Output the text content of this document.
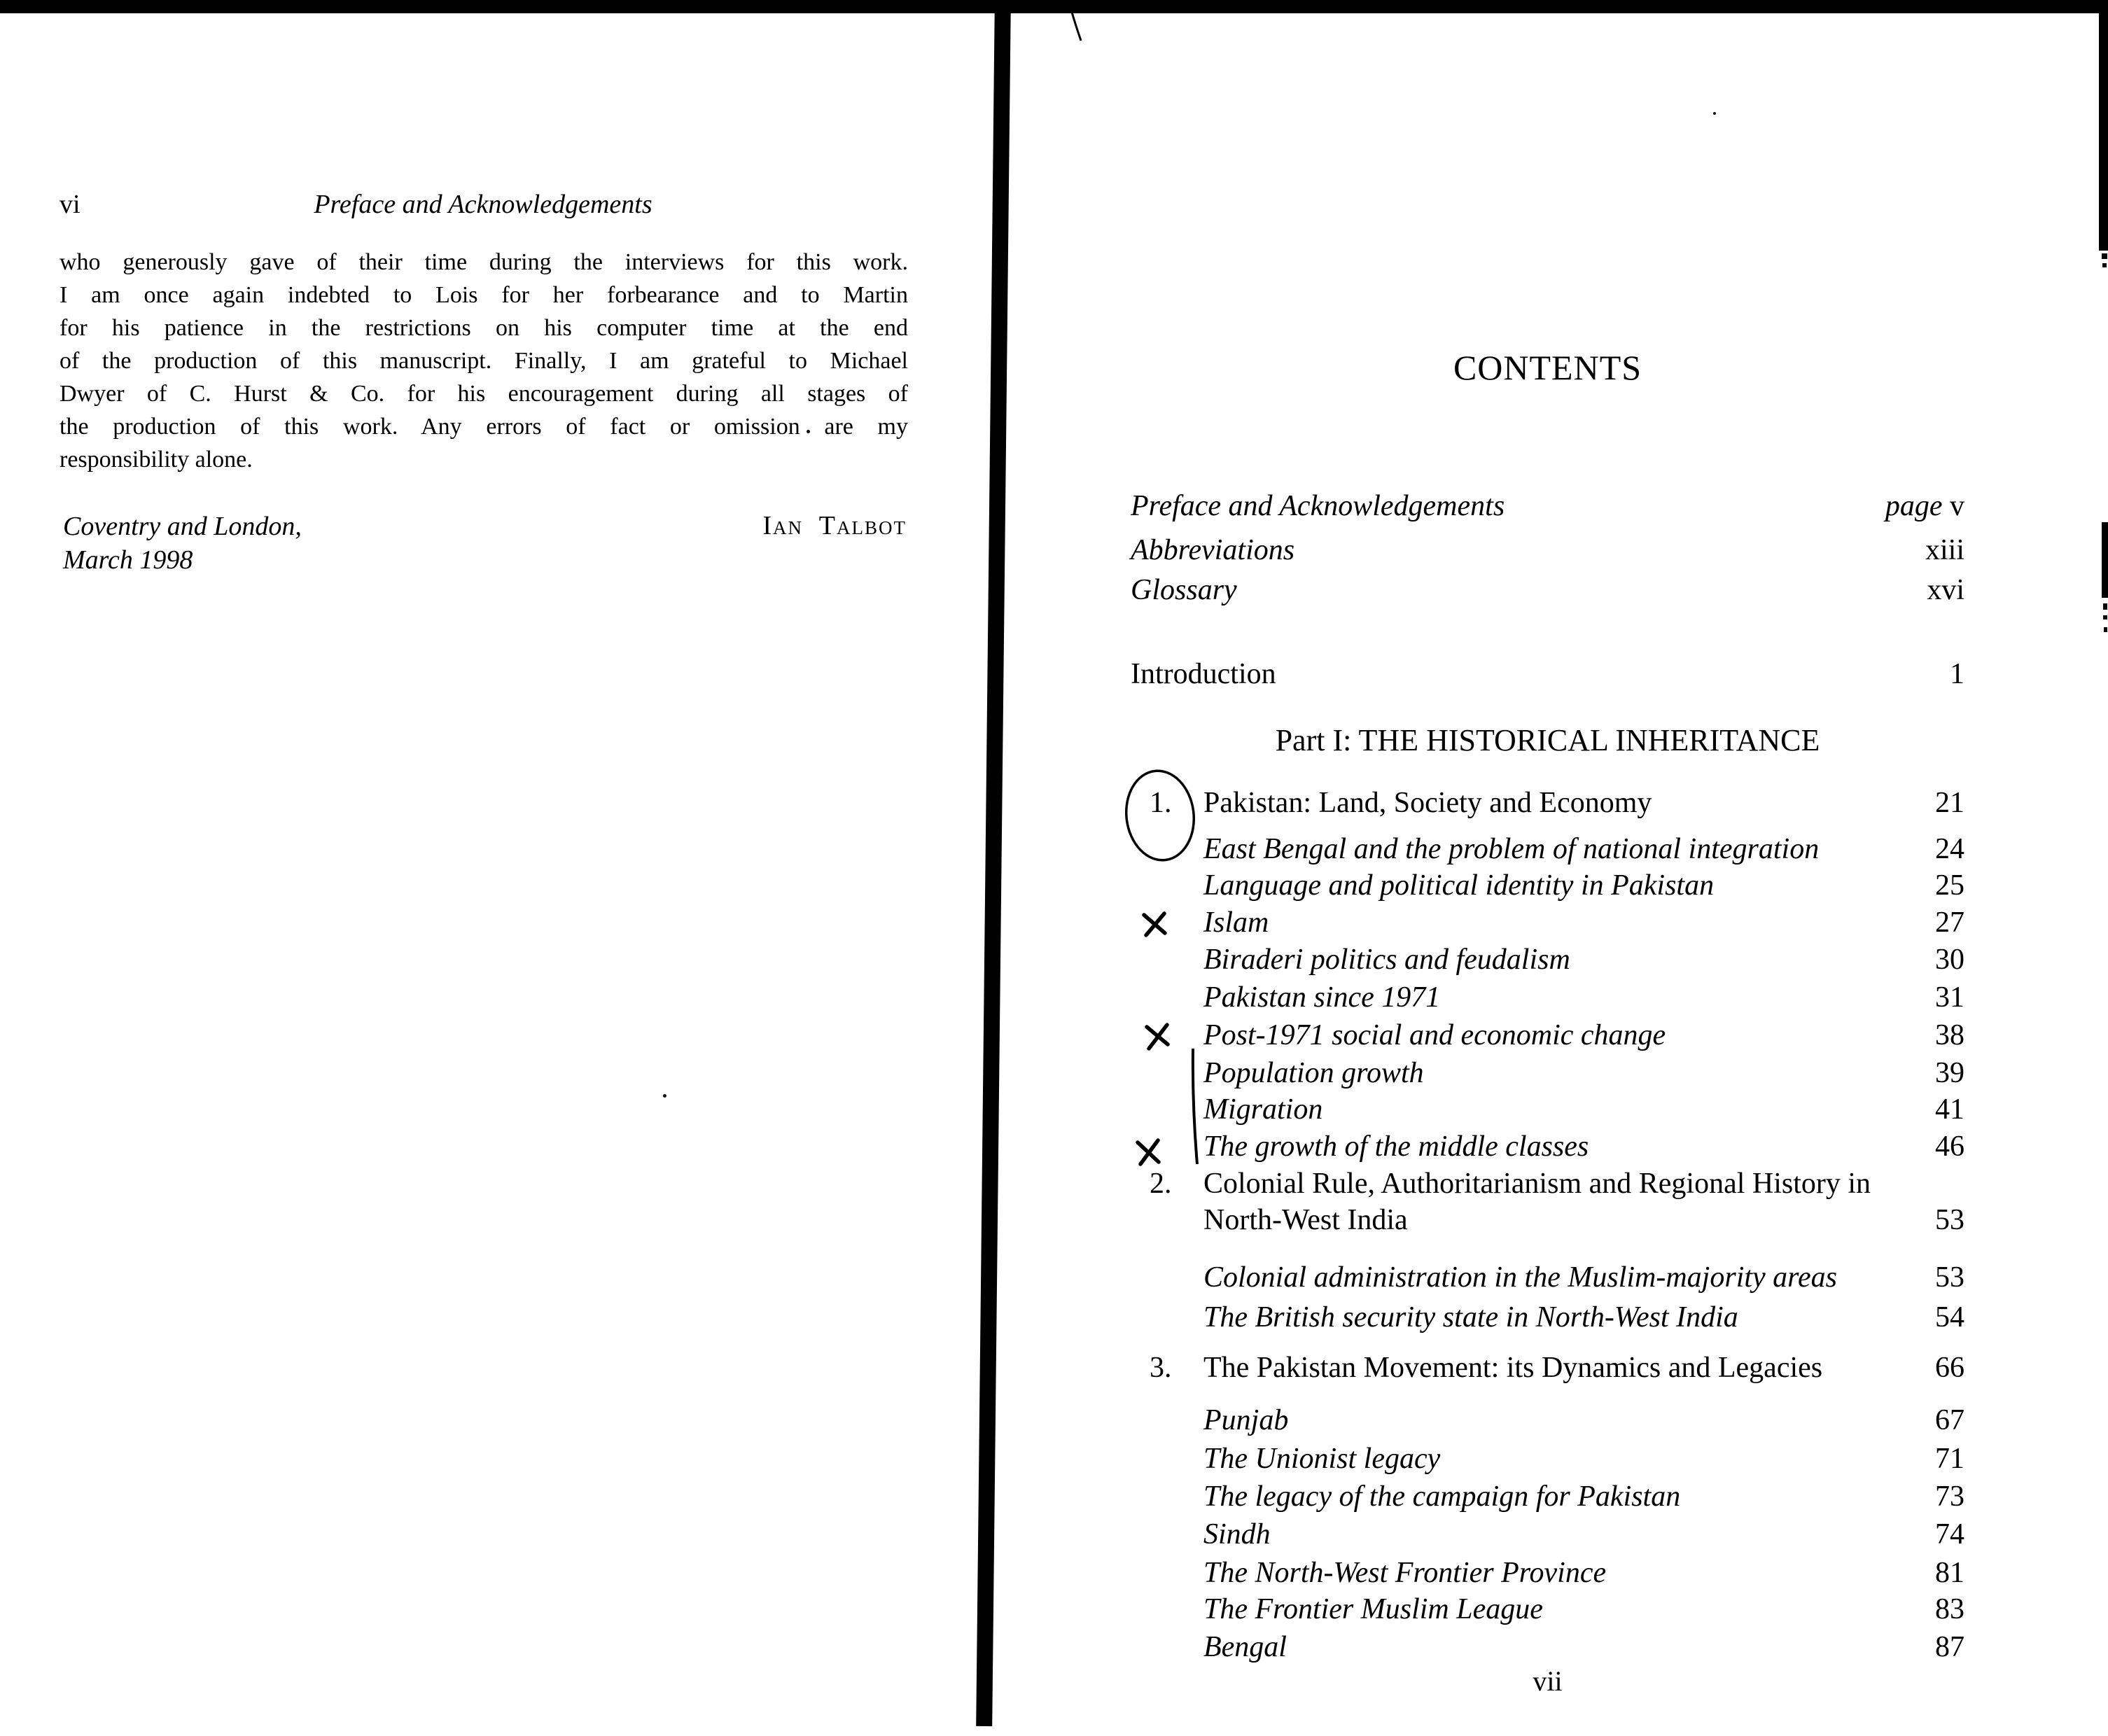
vi	Preface and Acknowledgements
who generously gave of their time during the interviews for this work.
I am once again indebted to Lois for her forbearance and to Martin
for his patience in the restrictions on his computer time at the end
of the production of this manuscript. Finally, I am grateful to Michael
Dwyer of C. Hurst & Co. for his encouragement during all stages of
the production of this work. Any errors of fact or omission are my
responsibility alone.
Coventry and London,
March 1998
Ian Talbot
CONTENTS
Preface and Acknowledgements	page v
Abbreviations	xiii
Glossary	xvi
Introduction	1
Part I: THE HISTORICAL INHERITANCE
1. Pakistan: Land, Society and Economy	21
East Bengal and the problem of national integration	24
Language and political identity in Pakistan	25
Islam	27
Biraderi politics and feudalism	30
Pakistan since 1971	31
Post-1971 social and economic change	38
Population growth	39
Migration	41
The growth of the middle classes	46
2. Colonial Rule, Authoritarianism and Regional History in
North-West India	53
Colonial administration in the Muslim-majority areas	53
The British security state in North-West India	54
3. The Pakistan Movement: its Dynamics and Legacies	66
Punjab	67
The Unionist legacy	71
The legacy of the campaign for Pakistan	73
Sindh	74
The North-West Frontier Province	81
The Frontier Muslim League	83
Bengal	87
vii
